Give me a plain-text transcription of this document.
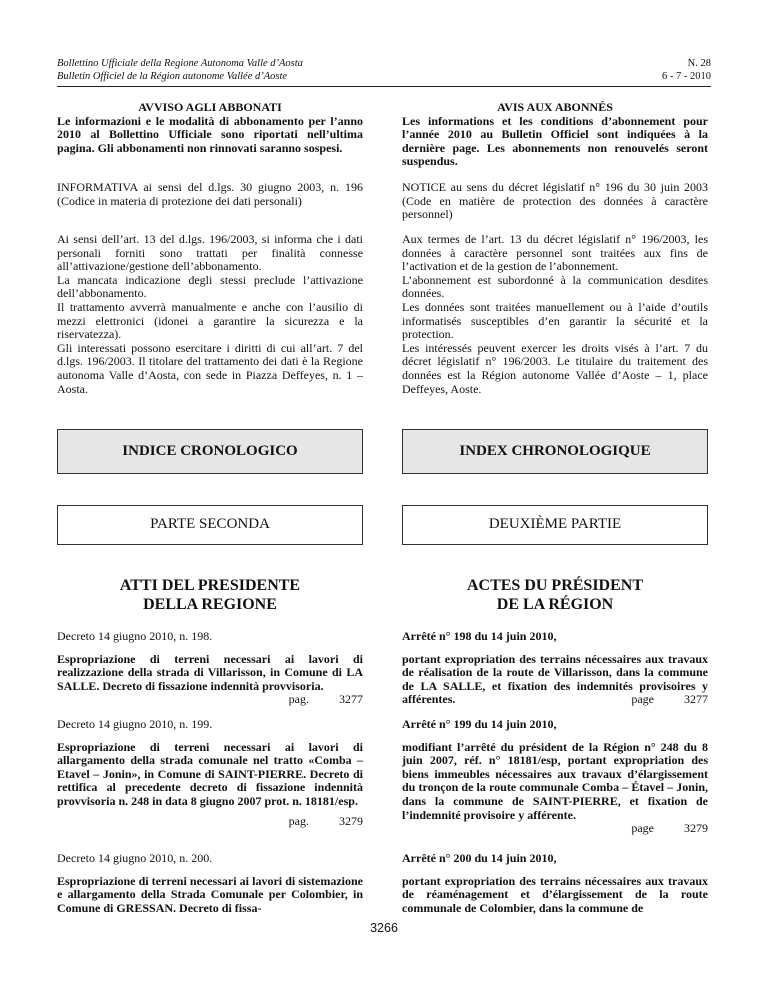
Bollettino Ufficiale della Regione Autonoma Valle d’Aosta
Bulletin Officiel de la Région autonome Vallée d’Aoste
N. 28
6 - 7 - 2010

AVVISO AGLI ABBONATI

Le informazioni e le modalità di abbonamento per l’anno 2010 al Bollettino Ufficiale sono riportati nell’ultima pagina. Gli abbonamenti non rinnovati saranno sospesi.

INFORMATIVA ai sensi del d.lgs. 30 giugno 2003, n. 196 (Codice in materia di protezione dei dati personali)

Ai sensi dell’art. 13 del d.lgs. 196/2003, si informa che i dati personali forniti sono trattati per finalità connesse all’attivazione/gestione dell’abbonamento.

La mancata indicazione degli stessi preclude l’attivazione dell’abbonamento.

Il trattamento avverrà manualmente e anche con l’ausilio di mezzi elettronici (idonei a garantire la sicurezza e la riservatezza).

Gli interessati possono esercitare i diritti di cui all’art. 7 del d.lgs. 196/2003. Il titolare del trattamento dei dati è la Regione autonoma Valle d’Aosta, con sede in Piazza Deffeyes, n. 1 – Aosta.

INDICE CRONOLOGICO
PARTE SECONDA
ATTI DEL PRESIDENTE
DELLA REGIONE

Decreto 14 giugno 2010, n. 198.

Espropriazione di terreni necessari ai lavori di realizzazione della strada di Villarisson, in Comune di LA SALLE. Decreto di fissazione indennità provvisoria.

pag.	3277

Decreto 14 giugno 2010, n. 199.

Espropriazione di terreni necessari ai lavori di allargamento della strada comunale nel tratto «Comba – Etavel – Jonin», in Comune di SAINT-PIERRE. Decreto di rettifica al precedente decreto di fissazione indennità provvisoria n. 248 in data 8 giugno 2007 prot. n. 18181/esp.

pag.	3279

Decreto 14 giugno 2010, n. 200.

Espropriazione di terreni necessari ai lavori di sistemazione e allargamento della Strada Comunale per Colombier, in Comune di GRESSAN. Decreto di fissa-

AVIS AUX ABONNÉS

Les informations et les conditions d’abonnement pour l’année 2010 au Bulletin Officiel sont indiquées à la dernière page. Les abonnements non renouvelés seront suspendus.

NOTICE au sens du décret législatif n° 196 du 30 juin 2003 (Code en matière de protection des données à caractère personnel)

Aux termes de l’art. 13 du décret législatif n° 196/2003, les données à caractère personnel sont traitées aux fins de l’activation et de la gestion de l’abonnement.

L’abonnement est subordonné à la communication desdites données.

Les données sont traitées manuellement ou à l’aide d’outils informatisés susceptibles d’en garantir la sécurité et la protection.

Les intéressés peuvent exercer les droits visés à l’art. 7 du décret législatif n° 196/2003. Le titulaire du traitement des données est la Région autonome Vallée d’Aoste – 1, place Deffeyes, Aoste.

INDEX CHRONOLOGIQUE
DEUXIÈME PARTIE
ACTES DU PRÉSIDENT
DE LA RÉGION

Arrêté n° 198 du 14 juin 2010,

portant expropriation des terrains nécessaires aux travaux de réalisation de la route de Villarisson, dans la commune de LA SALLE, et fixation des indemnités provisoires y afférentes.	page	3277

Arrêté n° 199 du 14 juin 2010,

modifiant l’arrêté du président de la Région n° 248 du 8 juin 2007, réf. n° 18181/esp, portant expropriation des biens immeubles nécessaires aux travaux d’élargissement du tronçon de la route communale Comba – Étavel – Jonin, dans la commune de SAINT-PIERRE, et fixation de l’indemnité provisoire y afférente.

page	3279

Arrêté n° 200 du 14 juin 2010,

portant expropriation des terrains nécessaires aux travaux de réaménagement et d’élargissement de la route communale de Colombier, dans la commune de

3266
